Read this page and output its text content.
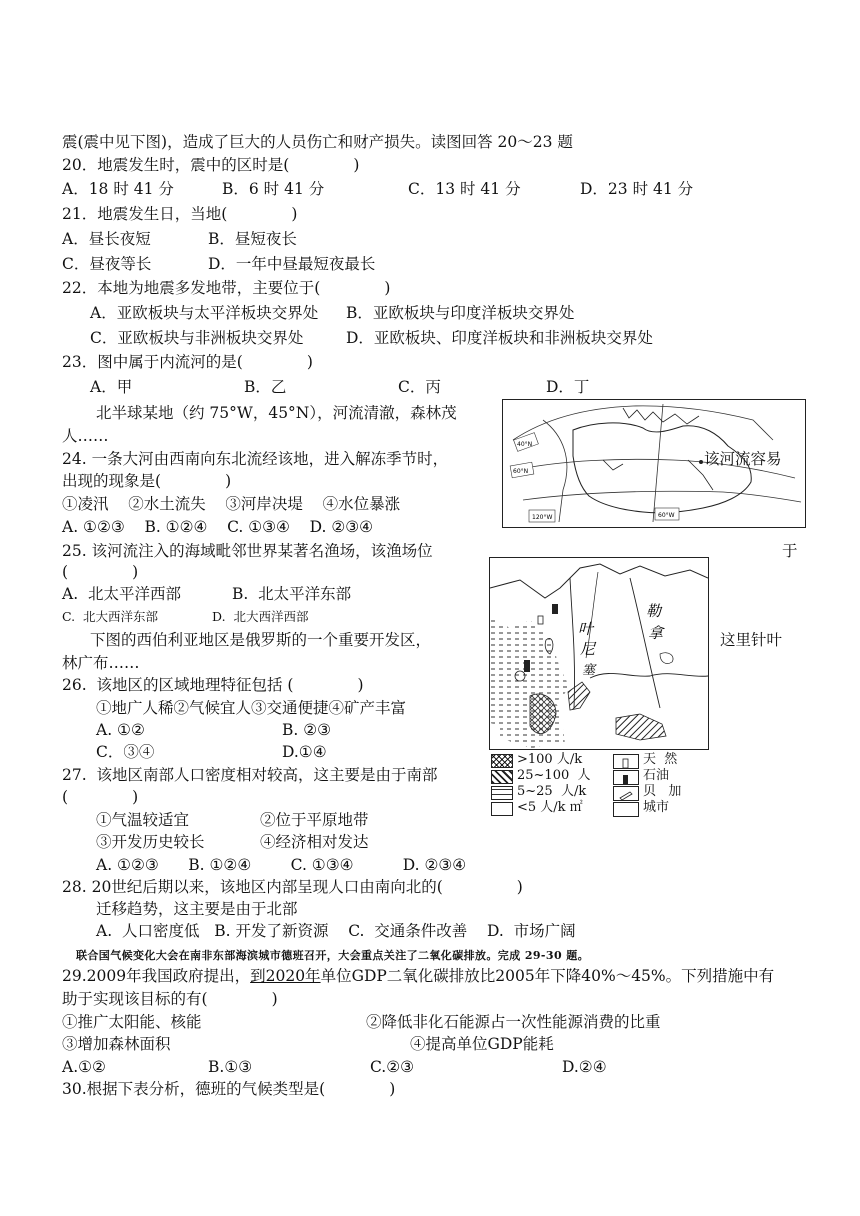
震(震中见下图)，造成了巨大的人员伤亡和财产损失。读图回答 20～23 题
20．地震发生时，震中的区时是(             )
A．18 时 41 分	B．6 时 41 分	C．13 时 41 分	D．23 时 41 分
21．地震发生日，当地(             )
A．昼长夜短	B．昼短夜长
C．昼夜等长	D．一年中昼最短夜最长
22．本地为地震多发地带，主要位于(             )
A．亚欧板块与太平洋板块交界处 B．亚欧板块与印度洋板块交界处
C．亚欧板块与非洲板块交界处	D．亚欧板块、印度洋板块和非洲板块交界处
23．图中属于内流河的是(             )
A．甲	B．乙	C．丙	D．丁
北半球某地（约 75°W，45°N），河流清澈，森林茂
人……	40°N
60°N
120°W	60°W
24. 一条大河由西南向东北流经该地，进入解冻季节时，	该河流容易
出现的现象是(             )
①凌汛    ②水土流失    ③河岸决堤    ④水位暴涨
A. ①②③    B. ①②④    C. ①③④    D. ②③④
25. 该河流注入的海域毗邻世界某著名渔场，该渔场位	于
(             )
A.  北太平洋西部	B.  北太平洋东部
C.  北大西洋东部	D.  北大西洋西部
下图的西伯利亚地区是俄罗斯的一个重要开发区，	这里针叶
林广布……
叶
尼
塞
勒
拿
>100 人/k
25~100  人
5~25  人/k
<5 人/k ㎡
天  然
石油
贝   加
城市
26.  该地区的区域地理特征包括 (             )
①地广人稀②气候宜人③交通便捷④矿产丰富
A. ①②	B. ②③
C．③④	D.①④
27.  该地区南部人口密度相对较高，这主要是由于南部
(             )
①气温较适宜	②位于平原地带
③开发历史较长	④经济相对发达
A. ①②③      B. ①②④        C. ①③④          D. ②③④
28. 20世纪后期以来，该地区内部呈现人口由南向北的(               )
迁移趋势，这主要是由于北部
A.  人口密度低   B. 开发了新资源    C.  交通条件改善    D.  市场广阔
联合国气候变化大会在南非东部海滨城市德班召开，大会重点关注了二氧化碳排放。完成 29-30 题。
29.2009年我国政府提出，到2020年单位GDP二氧化碳排放比2005年下降40%～45%。下列措施中有
助于实现该目标的有(             )
①推广太阳能、核能	②降低非化石能源占一次性能源消费的比重
③增加森林面积	④提高单位GDP能耗
A.①②	B.①③	C.②③	D.②④
30.根据下表分析，德班的气候类型是(             )
